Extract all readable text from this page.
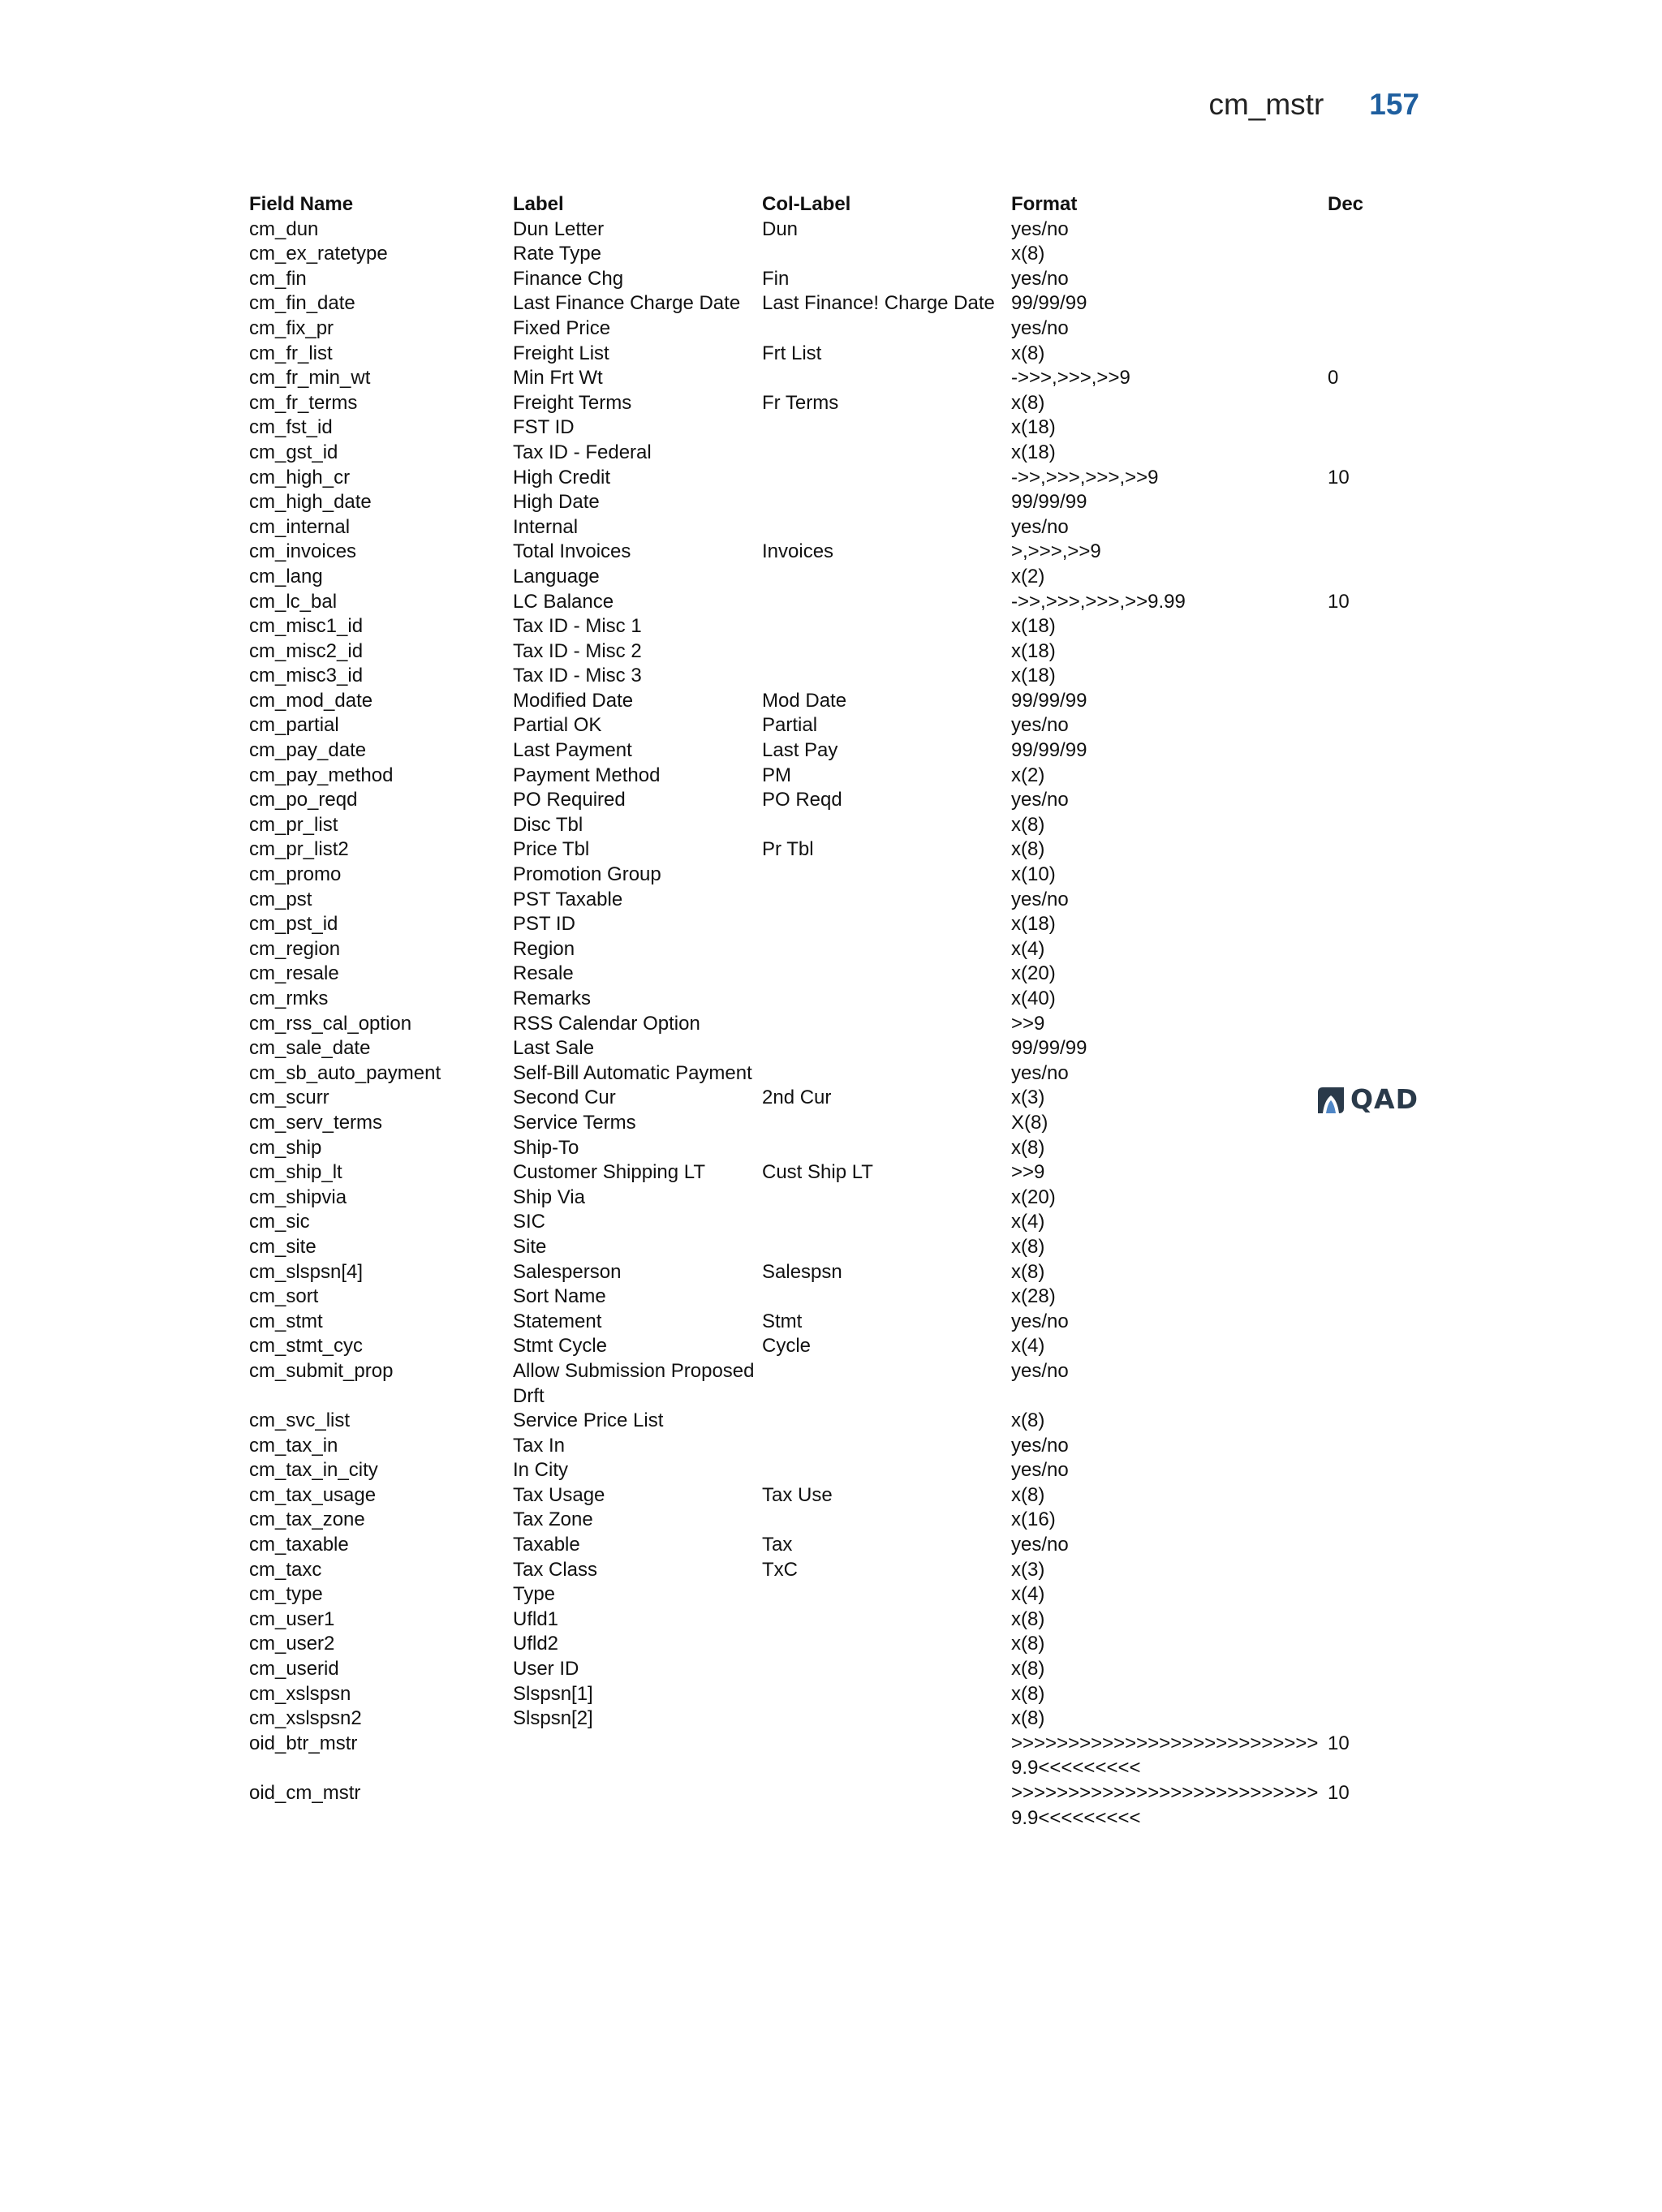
cm_mstr 157
Field Name	Label	Col-Label	Format	Dec
cm_dun	Dun Letter	Dun	yes/no	
cm_ex_ratetype	Rate Type		x(8)	
cm_fin	Finance Chg	Fin	yes/no	
cm_fin_date	Last Finance Charge Date	Last Finance! Charge Date	99/99/99	
cm_fix_pr	Fixed Price		yes/no	
cm_fr_list	Freight List	Frt List	x(8)	
cm_fr_min_wt	Min Frt Wt		->>>,>>>,>>9	0
cm_fr_terms	Freight Terms	Fr Terms	x(8)	
cm_fst_id	FST ID		x(18)	
cm_gst_id	Tax ID - Federal		x(18)	
cm_high_cr	High Credit		->>,>>>,>>>,>>9	10
cm_high_date	High Date		99/99/99	
cm_internal	Internal		yes/no	
cm_invoices	Total Invoices	Invoices	>,>>>,>>9	
cm_lang	Language		x(2)	
cm_lc_bal	LC Balance		->>,>>>,>>>,>>9.99	10
cm_misc1_id	Tax ID - Misc 1		x(18)	
cm_misc2_id	Tax ID - Misc 2		x(18)	
cm_misc3_id	Tax ID - Misc 3		x(18)	
cm_mod_date	Modified Date	Mod Date	99/99/99	
cm_partial	Partial OK	Partial	yes/no	
cm_pay_date	Last Payment	Last Pay	99/99/99	
cm_pay_method	Payment Method	PM	x(2)	
cm_po_reqd	PO Required	PO Reqd	yes/no	
cm_pr_list	Disc Tbl		x(8)	
cm_pr_list2	Price Tbl	Pr Tbl	x(8)	
cm_promo	Promotion Group		x(10)	
cm_pst	PST Taxable		yes/no	
cm_pst_id	PST ID		x(18)	
cm_region	Region		x(4)	
cm_resale	Resale		x(20)	
cm_rmks	Remarks		x(40)	
cm_rss_cal_option	RSS Calendar Option		>>9	
cm_sale_date	Last Sale		99/99/99	
cm_sb_auto_payment	Self-Bill Automatic Payment		yes/no	
cm_scurr	Second Cur	2nd Cur	x(3)	
cm_serv_terms	Service Terms		X(8)	
cm_ship	Ship-To		x(8)	
cm_ship_lt	Customer Shipping LT	Cust Ship LT	>>9	
cm_shipvia	Ship Via		x(20)	
cm_sic	SIC		x(4)	
cm_site	Site		x(8)	
cm_slspsn[4]	Salesperson	Salespsn	x(8)	
cm_sort	Sort Name		x(28)	
cm_stmt	Statement	Stmt	yes/no	
cm_stmt_cyc	Stmt Cycle	Cycle	x(4)	
cm_submit_prop	Allow Submission Proposed Drft		yes/no	
cm_svc_list	Service Price List		x(8)	
cm_tax_in	Tax In		yes/no	
cm_tax_in_city	In City		yes/no	
cm_tax_usage	Tax Usage	Tax Use	x(8)	
cm_tax_zone	Tax Zone		x(16)	
cm_taxable	Taxable	Tax	yes/no	
cm_taxc	Tax Class	TxC	x(3)	
cm_type	Type		x(4)	
cm_user1	Ufld1		x(8)	
cm_user2	Ufld2		x(8)	
cm_userid	User ID		x(8)	
cm_xslspsn	Slspsn[1]		x(8)	
cm_xslspsn2	Slspsn[2]		x(8)	
oid_btr_mstr			>>>>>>>>>>>>>>>>>>>>>>>>>>>9.9<<<<<<<<<	10
oid_cm_mstr			>>>>>>>>>>>>>>>>>>>>>>>>>>>9.9<<<<<<<<<	10
QAD
